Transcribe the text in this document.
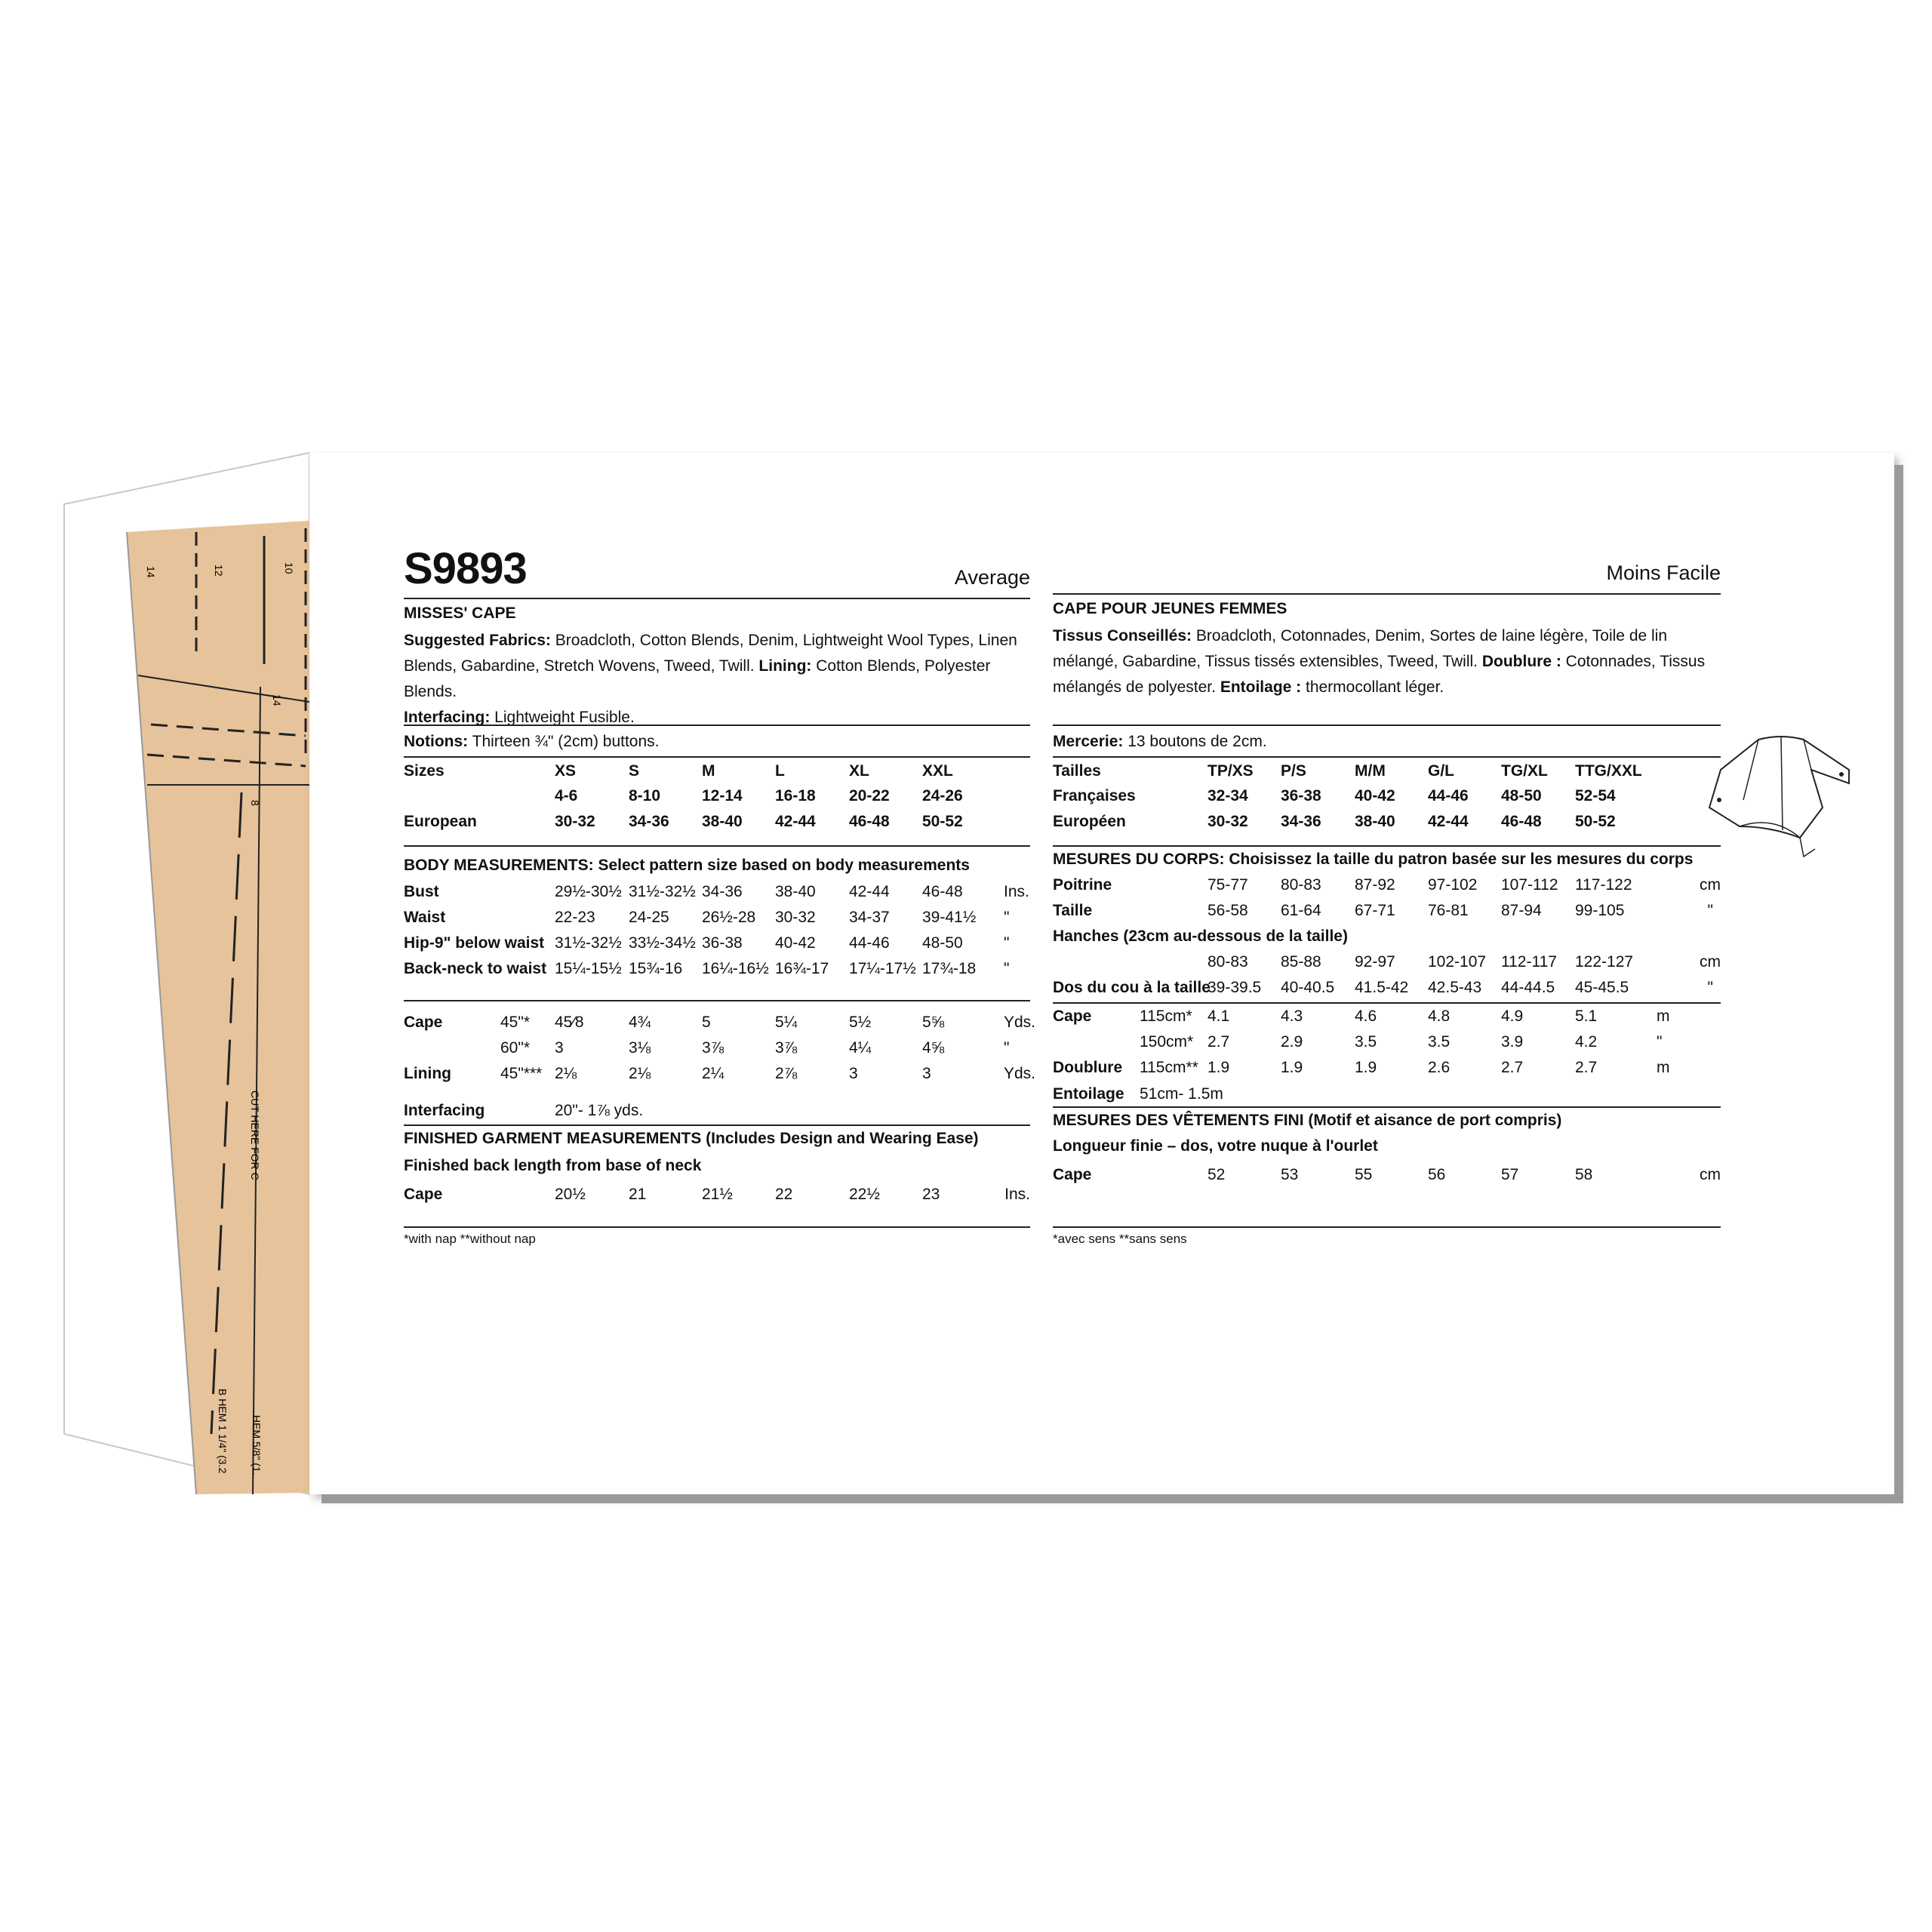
14	12	10
14
8
CUT HERE FOR C
B HEM 1 1/4" (3.2 HEM 5/8" (1.
S9893	Average
MISSES' CAPE
Suggested Fabrics: Broadcloth, Cotton Blends, Denim, Lightweight Wool Types, Linen Blends, Gabardine, Stretch Wovens, Tweed, Twill. Lining: Cotton Blends, Polyester Blends.
Interfacing: Lightweight Fusible.
Notions: Thirteen ¾" (2cm) buttons.
Sizes	XS	S	M	L	XL	XXL
4-6	8-10	12-14 16-18 20-22 24-26
European	30-32 34-36 38-40 42-44 46-48 50-52
BODY MEASUREMENTS: Select pattern size based on body measurements
Bust	29½-30½ 31½-32½ 34-36 38-40 42-44 46-48	Ins.
Waist	22-23 24-25 26½-28 30-32 34-37 39-41½ "
Hip-9" below waist 31½-32½ 33½-34½ 36-38 40-42 44-46 48-50	"
Back-neck to waist 15¼-15½ 15¾-16 16¼-16½ 16¾-17 17¼-17½ 17¾-18 "
Cape	45"* 45⁄8	4¾	5	5¼	5½	5⅝	Yds.
60"* 3	3⅛	3⅞	3⅞	4¼	4⅝	"
Lining	45"*** 2⅛	2⅛	2¼	2⅞	3	3	Yds.
Interfacing	20"- 1⅞ yds.
FINISHED GARMENT MEASUREMENTS (Includes Design and Wearing Ease)
Finished back length from base of neck
Cape	20½	21	21½	22	22½	23	Ins.
*with nap **without nap
Moins Facile
CAPE POUR JEUNES FEMMES
Tissus Conseillés: Broadcloth, Cotonnades, Denim, Sortes de laine légère, Toile de lin mélangé, Gabardine, Tissus tissés extensibles, Tweed, Twill. Doublure : Cotonnades, Tissus mélangés de polyester. Entoilage : thermocollant léger.
Mercerie: 13 boutons de 2cm.
Tailles	TP/XS P/S	M/M	G/L	TG/XL TTG/XXL
Françaises	32-34 36-38 40-42 44-46 48-50 52-54
Européen	30-32 34-36 38-40 42-44 46-48 50-52
MESURES DU CORPS: Choisissez la taille du patron basée sur les mesures du corps
Poitrine	75-77 80-83 87-92 97-102 107-112 117-122	cm
Taille	56-58 61-64 67-71 76-81 87-94 99-105	"
Hanches (23cm au-dessous de la taille)
80-83 85-88 92-97 102-107 112-117 122-127	cm
Dos du cou à la taille
39-39.5 40-40.5 41.5-42 42.5-43 44-44.5 45-45.5	"
Cape	115cm* 4.1	4.3	4.6	4.8	4.9	5.1	m
150cm* 2.7	2.9	3.5	3.5	3.9	4.2	"
Doublure 115cm** 1.9	1.9	1.9	2.6	2.7	2.7	m
Entoilage 51cm- 1.5m
MESURES DES VÊTEMENTS FINI (Motif et aisance de port compris)
Longueur finie – dos, votre nuque à l'ourlet
Cape	52	53	55	56	57	58	cm
*avec sens **sans sens
